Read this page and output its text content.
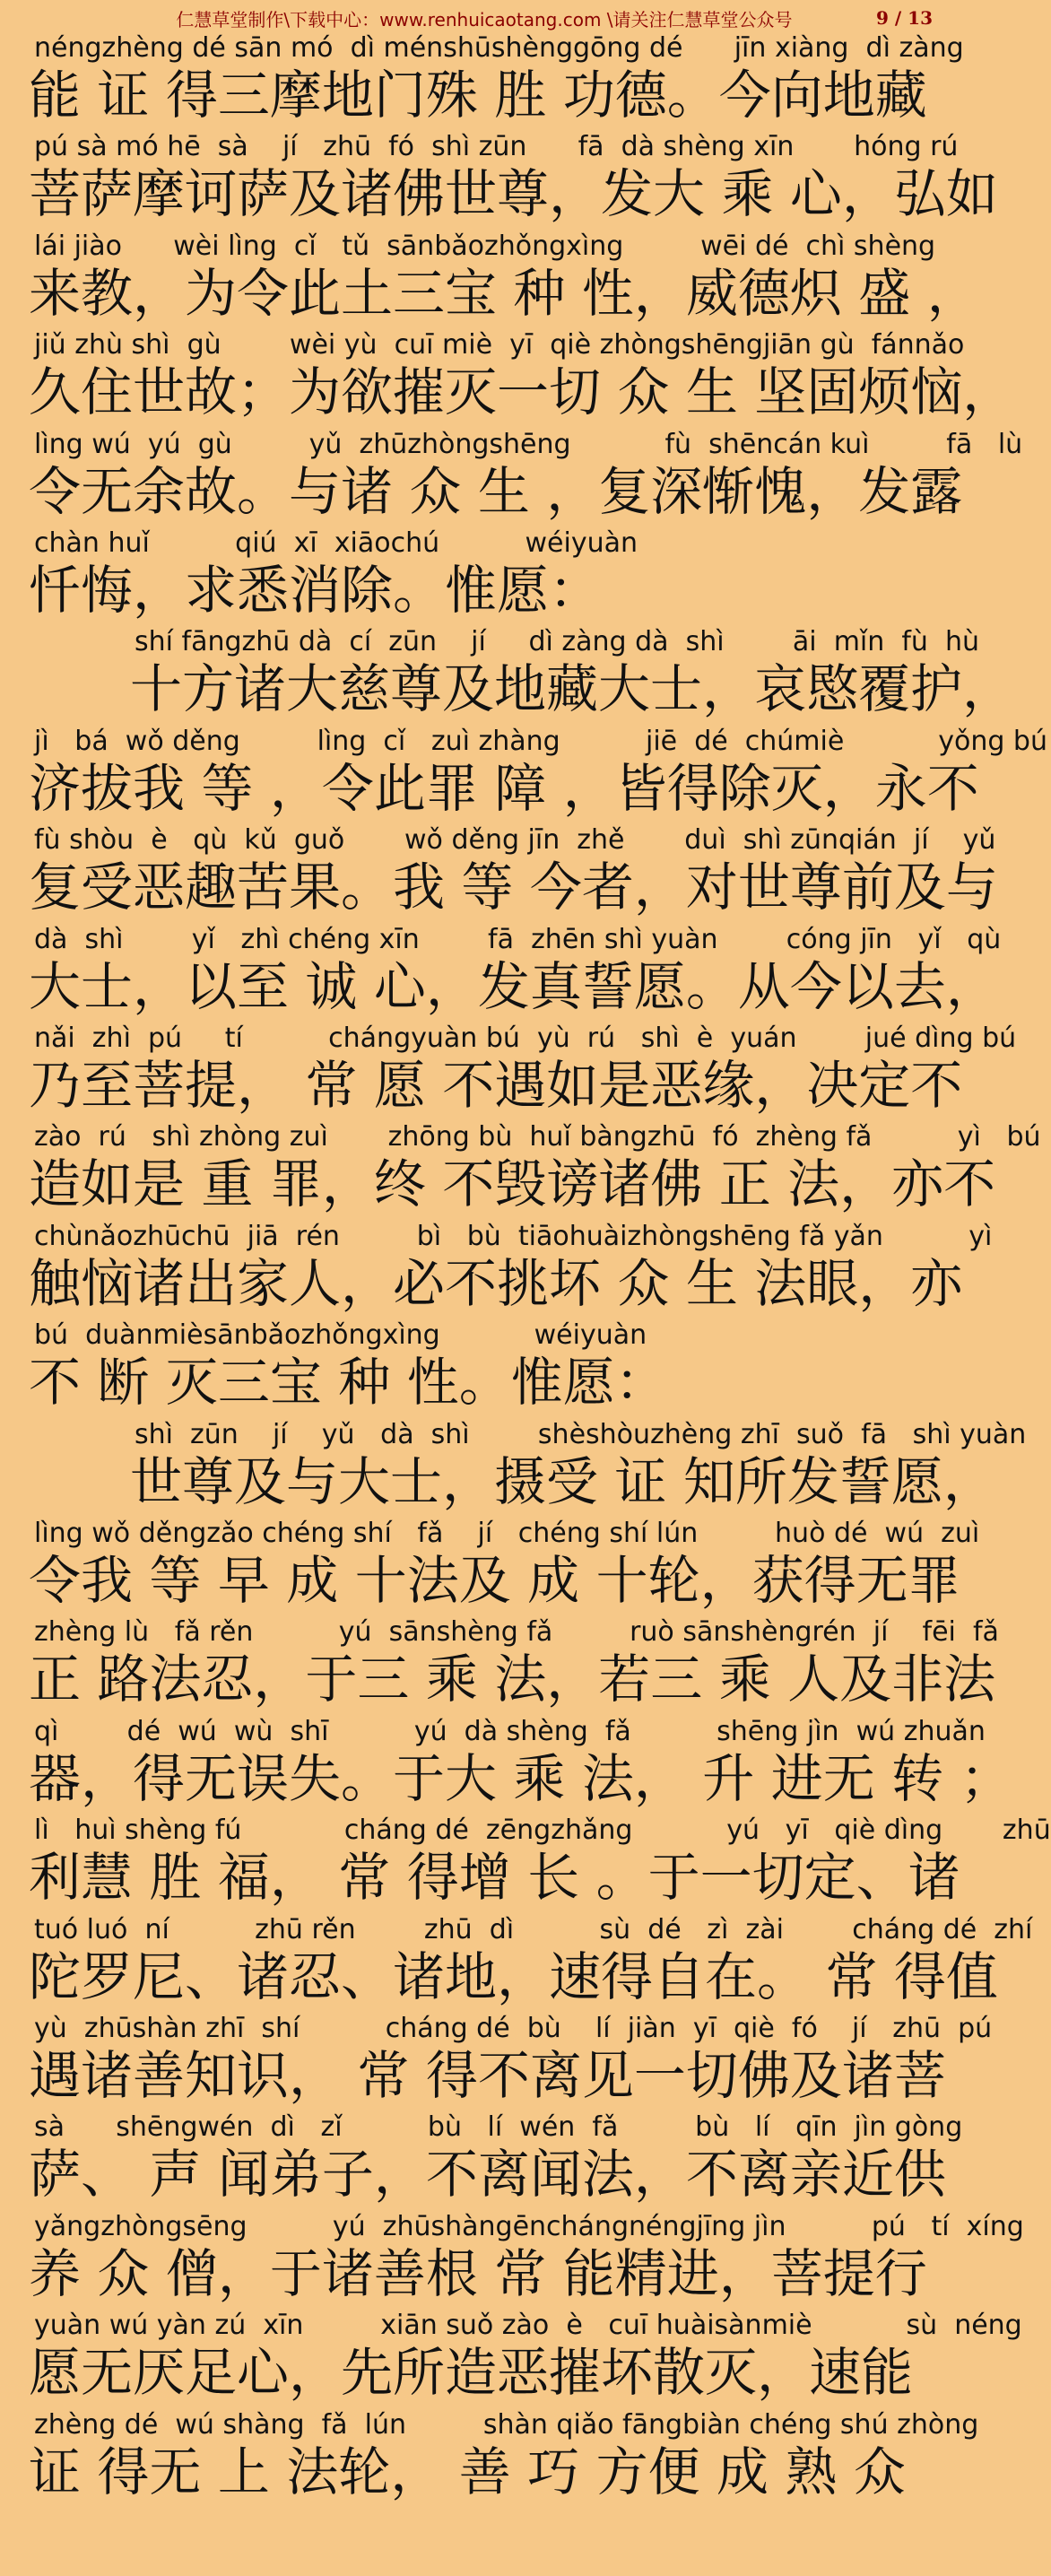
仁慧草堂制作\下载中心：www.renhuicaotang.com \请关注仁慧草堂公众号	9 / 13
néngzhèng dé sān mó  dì ménshūshènggōng dé      jīn xiàng  dì zàng
能 证 得三摩地门殊 胜 功德。今向地藏
pú sà mó hē  sà    jí   zhū  fó  shì zūn      fā  dà shèng xīn       hóng rú
菩萨摩诃萨及诸佛世尊，发大 乘 心，弘如
lái jiào      wèi lìng  cǐ   tǔ  sānbǎozhǒngxìng         wēi dé  chì shèng
来教，为令此土三宝 种 性，威德炽 盛 ，
jiǔ zhù shì  gù        wèi yù  cuī miè  yī  qiè zhòngshēngjiān gù  fánnǎo
久住世故；为欲摧灭一切 众 生 坚固烦恼，
lìng wú  yú  gù         yǔ  zhūzhòngshēng           fù  shēncán kuì         fā   lù
令无余故。与诸 众 生 ，复深惭愧，发露
chàn huǐ          qiú  xī  xiāochú          wéiyuàn
忏悔，求悉消除。惟愿：
shí fāngzhū dà  cí  zūn    jí     dì zàng dà  shì        āi  mǐn  fù  hù
十方诸大慈尊及地藏大士，哀愍覆护，
jì   bá  wǒ děng         lìng  cǐ   zuì zhàng          jiē  dé  chúmiè           yǒng bú
济拔我 等 ，令此罪 障 ，皆得除灭，永不
fù shòu  è   qù  kǔ  guǒ       wǒ děng jīn  zhě       duì  shì zūnqián  jí    yǔ
复受恶趣苦果。我 等 今者，对世尊前及与
dà  shì        yǐ   zhì chéng xīn        fā  zhēn shì yuàn        cóng jīn   yǐ   qù
大士，以至 诚 心，发真誓愿。从今以去，
nǎi  zhì  pú     tí          chángyuàn bú  yù  rú   shì  è  yuán        jué dìng bú
乃至菩提， 常 愿 不遇如是恶缘，决定不
zào  rú   shì zhòng zuì       zhōng bù  huǐ bàngzhū  fó  zhèng fǎ          yì   bú
造如是 重 罪，终 不毁谤诸佛 正 法，亦不
chùnǎozhūchū  jiā  rén         bì   bù  tiāohuàizhòngshēng fǎ yǎn          yì
触恼诸出家人，必不挑坏 众 生 法眼，亦
bú  duànmièsānbǎozhǒngxìng           wéiyuàn
不 断 灭三宝 种 性。惟愿：
shì  zūn    jí    yǔ   dà  shì        shèshòuzhèng zhī  suǒ  fā   shì yuàn
世尊及与大士，摄受 证 知所发誓愿，
lìng wǒ děngzǎo chéng shí   fǎ    jí   chéng shí lún         huò dé  wú  zuì
令我 等 早 成 十法及 成 十轮，获得无罪
zhèng lù   fǎ rěn          yú  sānshèng fǎ         ruò sānshèngrén  jí    fēi  fǎ
正 路法忍，于三 乘 法，若三 乘 人及非法
qì        dé  wú  wù  shī          yú  dà shèng  fǎ          shēng jìn  wú zhuǎn
器，得无误失。于大 乘 法， 升 进无 转 ；
lì   huì shèng fú            cháng dé  zēngzhǎng           yú   yī   qiè dìng       zhū
利慧 胜 福， 常 得增 长 。于一切定、诸
tuó luó  ní          zhū rěn        zhū  dì          sù  dé   zì  zài        cháng dé  zhí
陀罗尼、诸忍、诸地，速得自在。 常 得值
yù  zhūshàn zhī  shí          cháng dé  bù    lí  jiàn  yī  qiè  fó    jí   zhū  pú
遇诸善知识， 常 得不离见一切佛及诸菩
sà      shēngwén  dì   zǐ          bù   lí  wén  fǎ         bù   lí   qīn  jìn gòng
萨、 声 闻弟子，不离闻法，不离亲近供
yǎngzhòngsēng          yú  zhūshàngēnchángnéngjīng jìn          pú   tí  xíng
养 众 僧，于诸善根 常 能精进，菩提行
yuàn wú yàn zú  xīn         xiān suǒ zào  è   cuī huàisànmiè           sù  néng
愿无厌足心，先所造恶摧坏散灭，速能
zhèng dé  wú shàng  fǎ  lún         shàn qiǎo fāngbiàn chéng shú zhòng
证 得无 上 法轮， 善 巧 方便 成 熟 众
